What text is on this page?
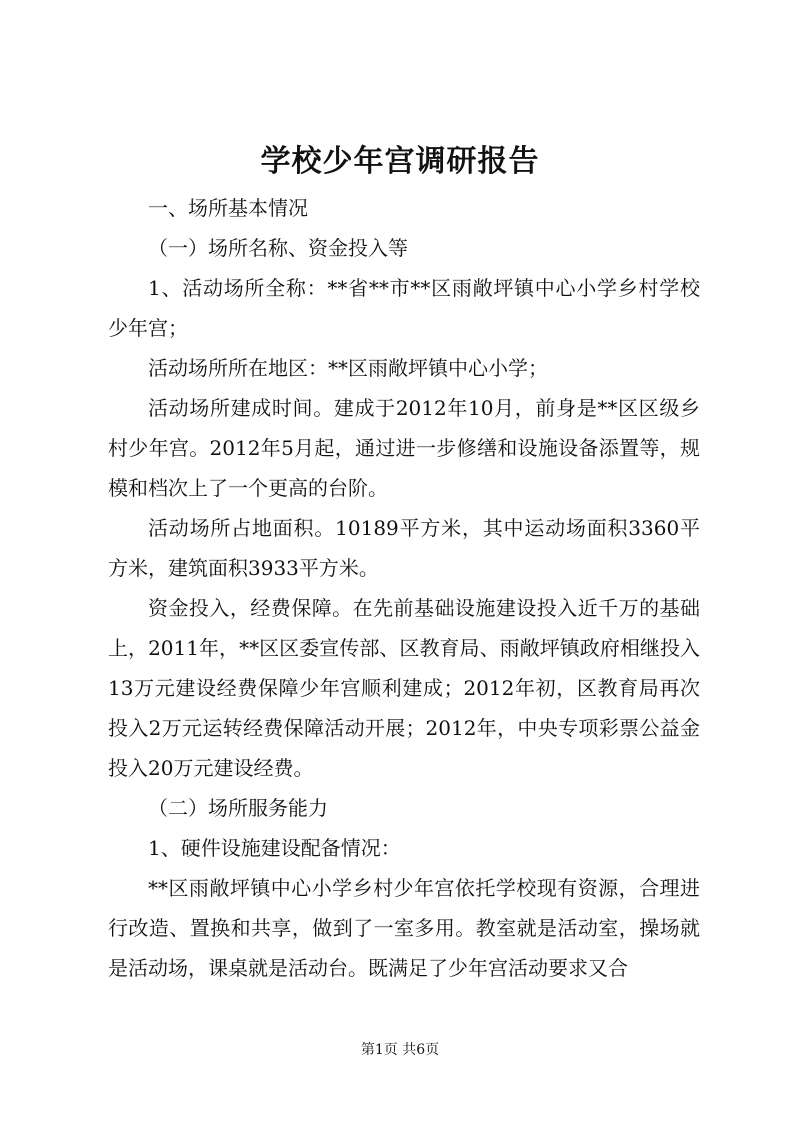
学校少年宫调研报告

一、场所基本情况

（一）场所名称、资金投入等

1、活动场所全称：**省**市**区雨敞坪镇中心小学乡村学校少年宫；

活动场所所在地区：**区雨敞坪镇中心小学；

活动场所建成时间。建成于2012年10月，前身是**区区级乡村少年宫。2012年5月起，通过进一步修缮和设施设备添置等，规模和档次上了一个更高的台阶。

活动场所占地面积。10189平方米，其中运动场面积3360平方米，建筑面积3933平方米。

资金投入，经费保障。在先前基础设施建设投入近千万的基础上，2011年，**区区委宣传部、区教育局、雨敞坪镇政府相继投入13万元建设经费保障少年宫顺利建成；2012年初，区教育局再次投入2万元运转经费保障活动开展；2012年，中央专项彩票公益金投入20万元建设经费。

（二）场所服务能力

1、硬件设施建设配备情况：

**区雨敞坪镇中心小学乡村少年宫依托学校现有资源，合理进行改造、置换和共享，做到了一室多用。教室就是活动室，操场就是活动场，课桌就是活动台。既满足了少年宫活动要求又合

第1页 共6页
